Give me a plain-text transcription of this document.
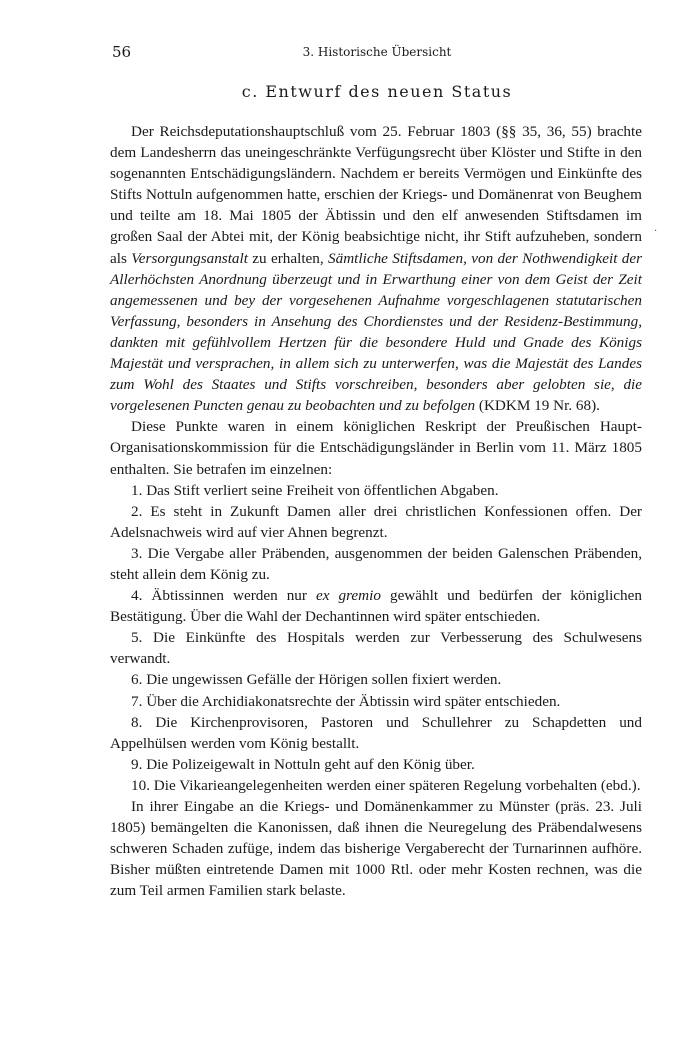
56	3. Historische Übersicht
c. Entwurf des neuen Status

Der Reichsdeputationshauptschluß vom 25. Februar 1803 (§§ 35, 36, 55) brachte dem Landesherrn das uneingeschränkte Verfügungsrecht über Klöster und Stifte in den sogenannten Entschädigungsländern. Nachdem er bereits Vermögen und Einkünfte des Stifts Nottuln aufgenommen hatte, erschien der Kriegs- und Domänenrat von Beughem und teilte am 18. Mai 1805 der Äbtissin und den elf anwesenden Stiftsdamen im großen Saal der Abtei mit, der König beabsichtige nicht, ihr Stift aufzuheben, sondern als Versorgungsanstalt zu erhalten, Sämtliche Stiftsdamen, von der Nothwendigkeit der Allerhöchsten Anordnung überzeugt und in Erwarthung einer von dem Geist der Zeit angemessenen und bey der vorgesehenen Aufnahme vorgeschlagenen statutarischen Verfassung, besonders in Ansehung des Chordienstes und der Residenz-Bestimmung, dankten mit gefühlvollem Hertzen für die besondere Huld und Gnade des Königs Majestät und versprachen, in allem sich zu unterwerfen, was die Majestät des Landes zum Wohl des Staates und Stifts vorschreiben, besonders aber gelobten sie, die vorgelesenen Puncten genau zu beobachten und zu befolgen (KDKM 19 Nr. 68).

Diese Punkte waren in einem königlichen Reskript der Preußischen Haupt-Organisationskommission für die Entschädigungsländer in Berlin vom 11. März 1805 enthalten. Sie betrafen im einzelnen:

1. Das Stift verliert seine Freiheit von öffentlichen Abgaben.

2. Es steht in Zukunft Damen aller drei christlichen Konfessionen offen. Der Adelsnachweis wird auf vier Ahnen begrenzt.

3. Die Vergabe aller Präbenden, ausgenommen der beiden Galenschen Präbenden, steht allein dem König zu.

4. Äbtissinnen werden nur ex gremio gewählt und bedürfen der königlichen Bestätigung. Über die Wahl der Dechantinnen wird später entschieden.

5. Die Einkünfte des Hospitals werden zur Verbesserung des Schulwesens verwandt.

6. Die ungewissen Gefälle der Hörigen sollen fixiert werden.

7. Über die Archidiakonatsrechte der Äbtissin wird später entschieden.

8. Die Kirchenprovisoren, Pastoren und Schullehrer zu Schapdetten und Appelhülsen werden vom König bestallt.

9. Die Polizeigewalt in Nottuln geht auf den König über.

10. Die Vikarieangelegenheiten werden einer späteren Regelung vorbehalten (ebd.).

In ihrer Eingabe an die Kriegs- und Domänenkammer zu Münster (präs. 23. Juli 1805) bemängelten die Kanonissen, daß ihnen die Neuregelung des Präbendalwesens schweren Schaden zufüge, indem das bisherige Vergaberecht der Turnarinnen aufhöre. Bisher müßten eintretende Damen mit 1000 Rtl. oder mehr Kosten rechnen, was die zum Teil armen Familien stark belaste.

·
